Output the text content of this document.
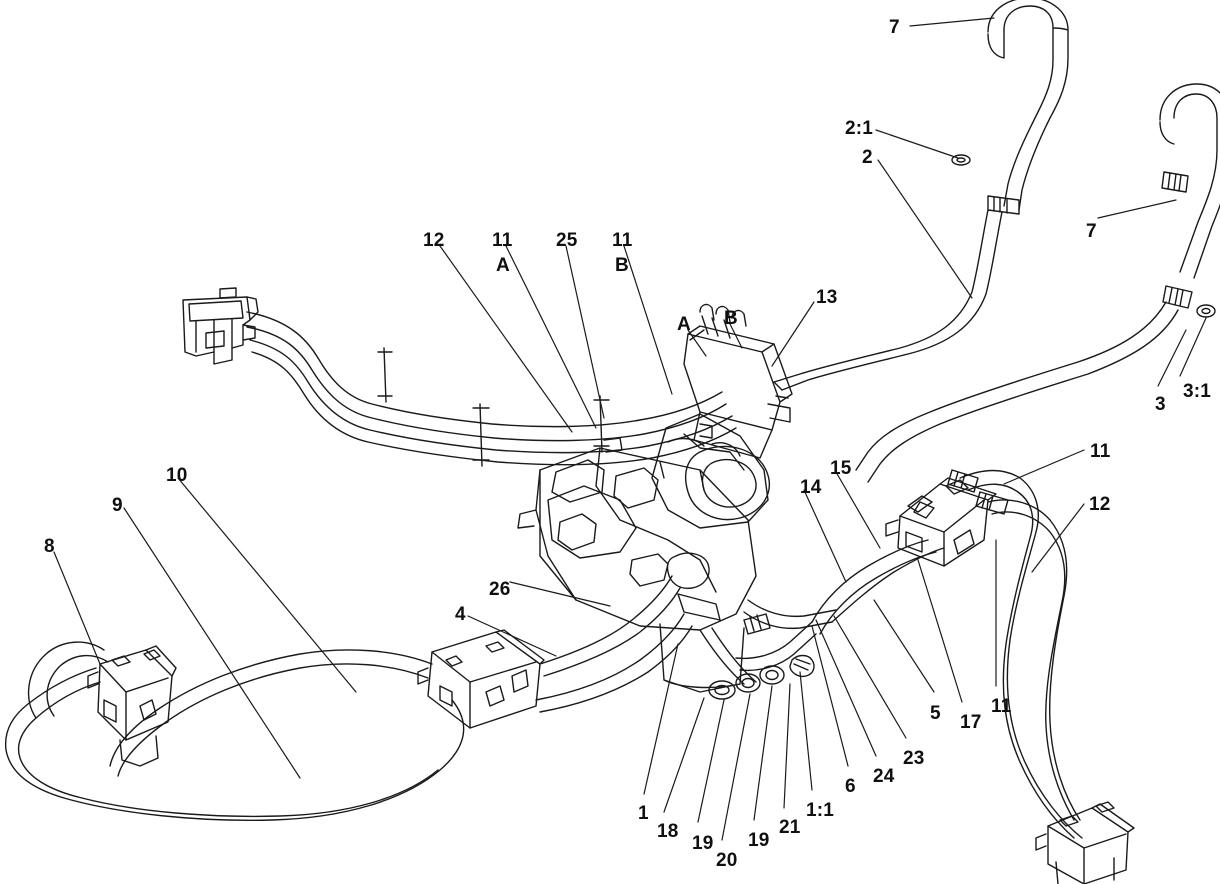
7
2:1
2
7
3:1
3
12 11 25 11
A	B
A B
13
10
9
8
26
4
14
15
11
12
5 17
11
23
24
6
1:1
21
19
20
19
18
1
